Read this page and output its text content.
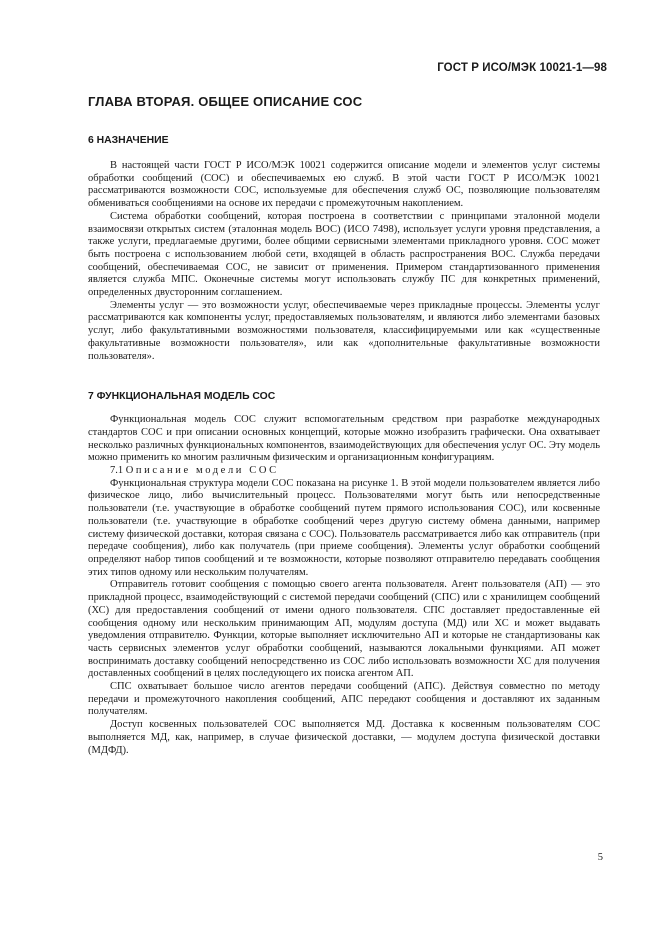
ГОСТ Р ИСО/МЭК 10021-1—98
ГЛАВА ВТОРАЯ. ОБЩЕЕ ОПИСАНИЕ СОС
6 НАЗНАЧЕНИЕ

В настоящей части ГОСТ Р ИСО/МЭК 10021 содержится описание модели и элементов услуг системы обработки сообщений (СОС) и обеспечиваемых ею служб. В этой части ГОСТ Р ИСО/МЭК 10021 рассматриваются возможности СОС, используемые для обеспечения служб ОС, позволяющие пользователям обмениваться сообщениями на основе их передачи с промежуточным накоплением.

Система обработки сообщений, которая построена в соответствии с принципами эталонной модели взаимосвязи открытых систем (эталонная модель ВОС) (ИСО 7498), использует услуги уровня представления, а также услуги, предлагаемые другими, более общими сервисными элементами прикладного уровня. СОС может быть построена с использованием любой сети, входящей в область распространения ВОС. Служба передачи сообщений, обеспечиваемая СОС, не зависит от применения. Примером стандартизованного применения является служба МПС. Оконечные системы могут использовать службу ПС для конкретных применений, определенных двусторонним соглашением.

Элементы услуг — это возможности услуг, обеспечиваемые через прикладные процессы. Элементы услуг рассматриваются как компоненты услуг, предоставляемых пользователям, и являются либо элементами базовых услуг, либо факультативными возможностями пользователя, классифицируемыми или как «существенные факультативные возможности пользователя», или как «дополнительные факультативные возможности пользователя».

7 ФУНКЦИОНАЛЬНАЯ МОДЕЛЬ СОС

Функциональная модель СОС служит вспомогательным средством при разработке международных стандартов СОС и при описании основных концепций, которые можно изобразить графически. Она охватывает несколько различных функциональных компонентов, взаимодействующих для обеспечения услуг ОС. Эту модель можно применить ко многим различным физическим и организационным конфигурациям.

7.1 Описание модели СОС

Функциональная структура модели СОС показана на рисунке 1. В этой модели пользователем является либо физическое лицо, либо вычислительный процесс. Пользователями могут быть или непосредственные пользователи (т.е. участвующие в обработке сообщений путем прямого использования СОС), или косвенные пользователи (т.е. участвующие в обработке сообщений через другую систему обмена данными, например систему физической доставки, которая связана с СОС). Пользователь рассматривается либо как отправитель (при передаче сообщения), либо как получатель (при приеме сообщения). Элементы услуг обработки сообщений определяют набор типов сообщений и те возможности, которые позволяют отправителю передавать сообщения этих типов одному или нескольким получателям.

Отправитель готовит сообщения с помощью своего агента пользователя. Агент пользователя (АП) — это прикладной процесс, взаимодействующий с системой передачи сообщений (СПС) или с хранилищем сообщений (ХС) для предоставления сообщений от имени одного пользователя. СПС доставляет предоставленные ей сообщения одному или нескольким принимающим АП, модулям доступа (МД) или ХС и может выдавать уведомления отправителю. Функции, которые выполняет исключительно АП и которые не стандартизованы как часть сервисных элементов услуг обработки сообщений, называются локальными функциями. АП может воспринимать доставку сообщений непосредственно из СОС либо использовать возможности ХС для получения доставленных сообщений в целях последующего их поиска агентом АП.

СПС охватывает большое число агентов передачи сообщений (АПС). Действуя совместно по методу передачи и промежуточного накопления сообщений, АПС передают сообщения и доставляют их заданным получателям.

Доступ косвенных пользователей СОС выполняется МД. Доставка к косвенным пользователям СОС выполняется МД, как, например, в случае физической доставки, — модулем доступа физической доставки (МДФД).

5
